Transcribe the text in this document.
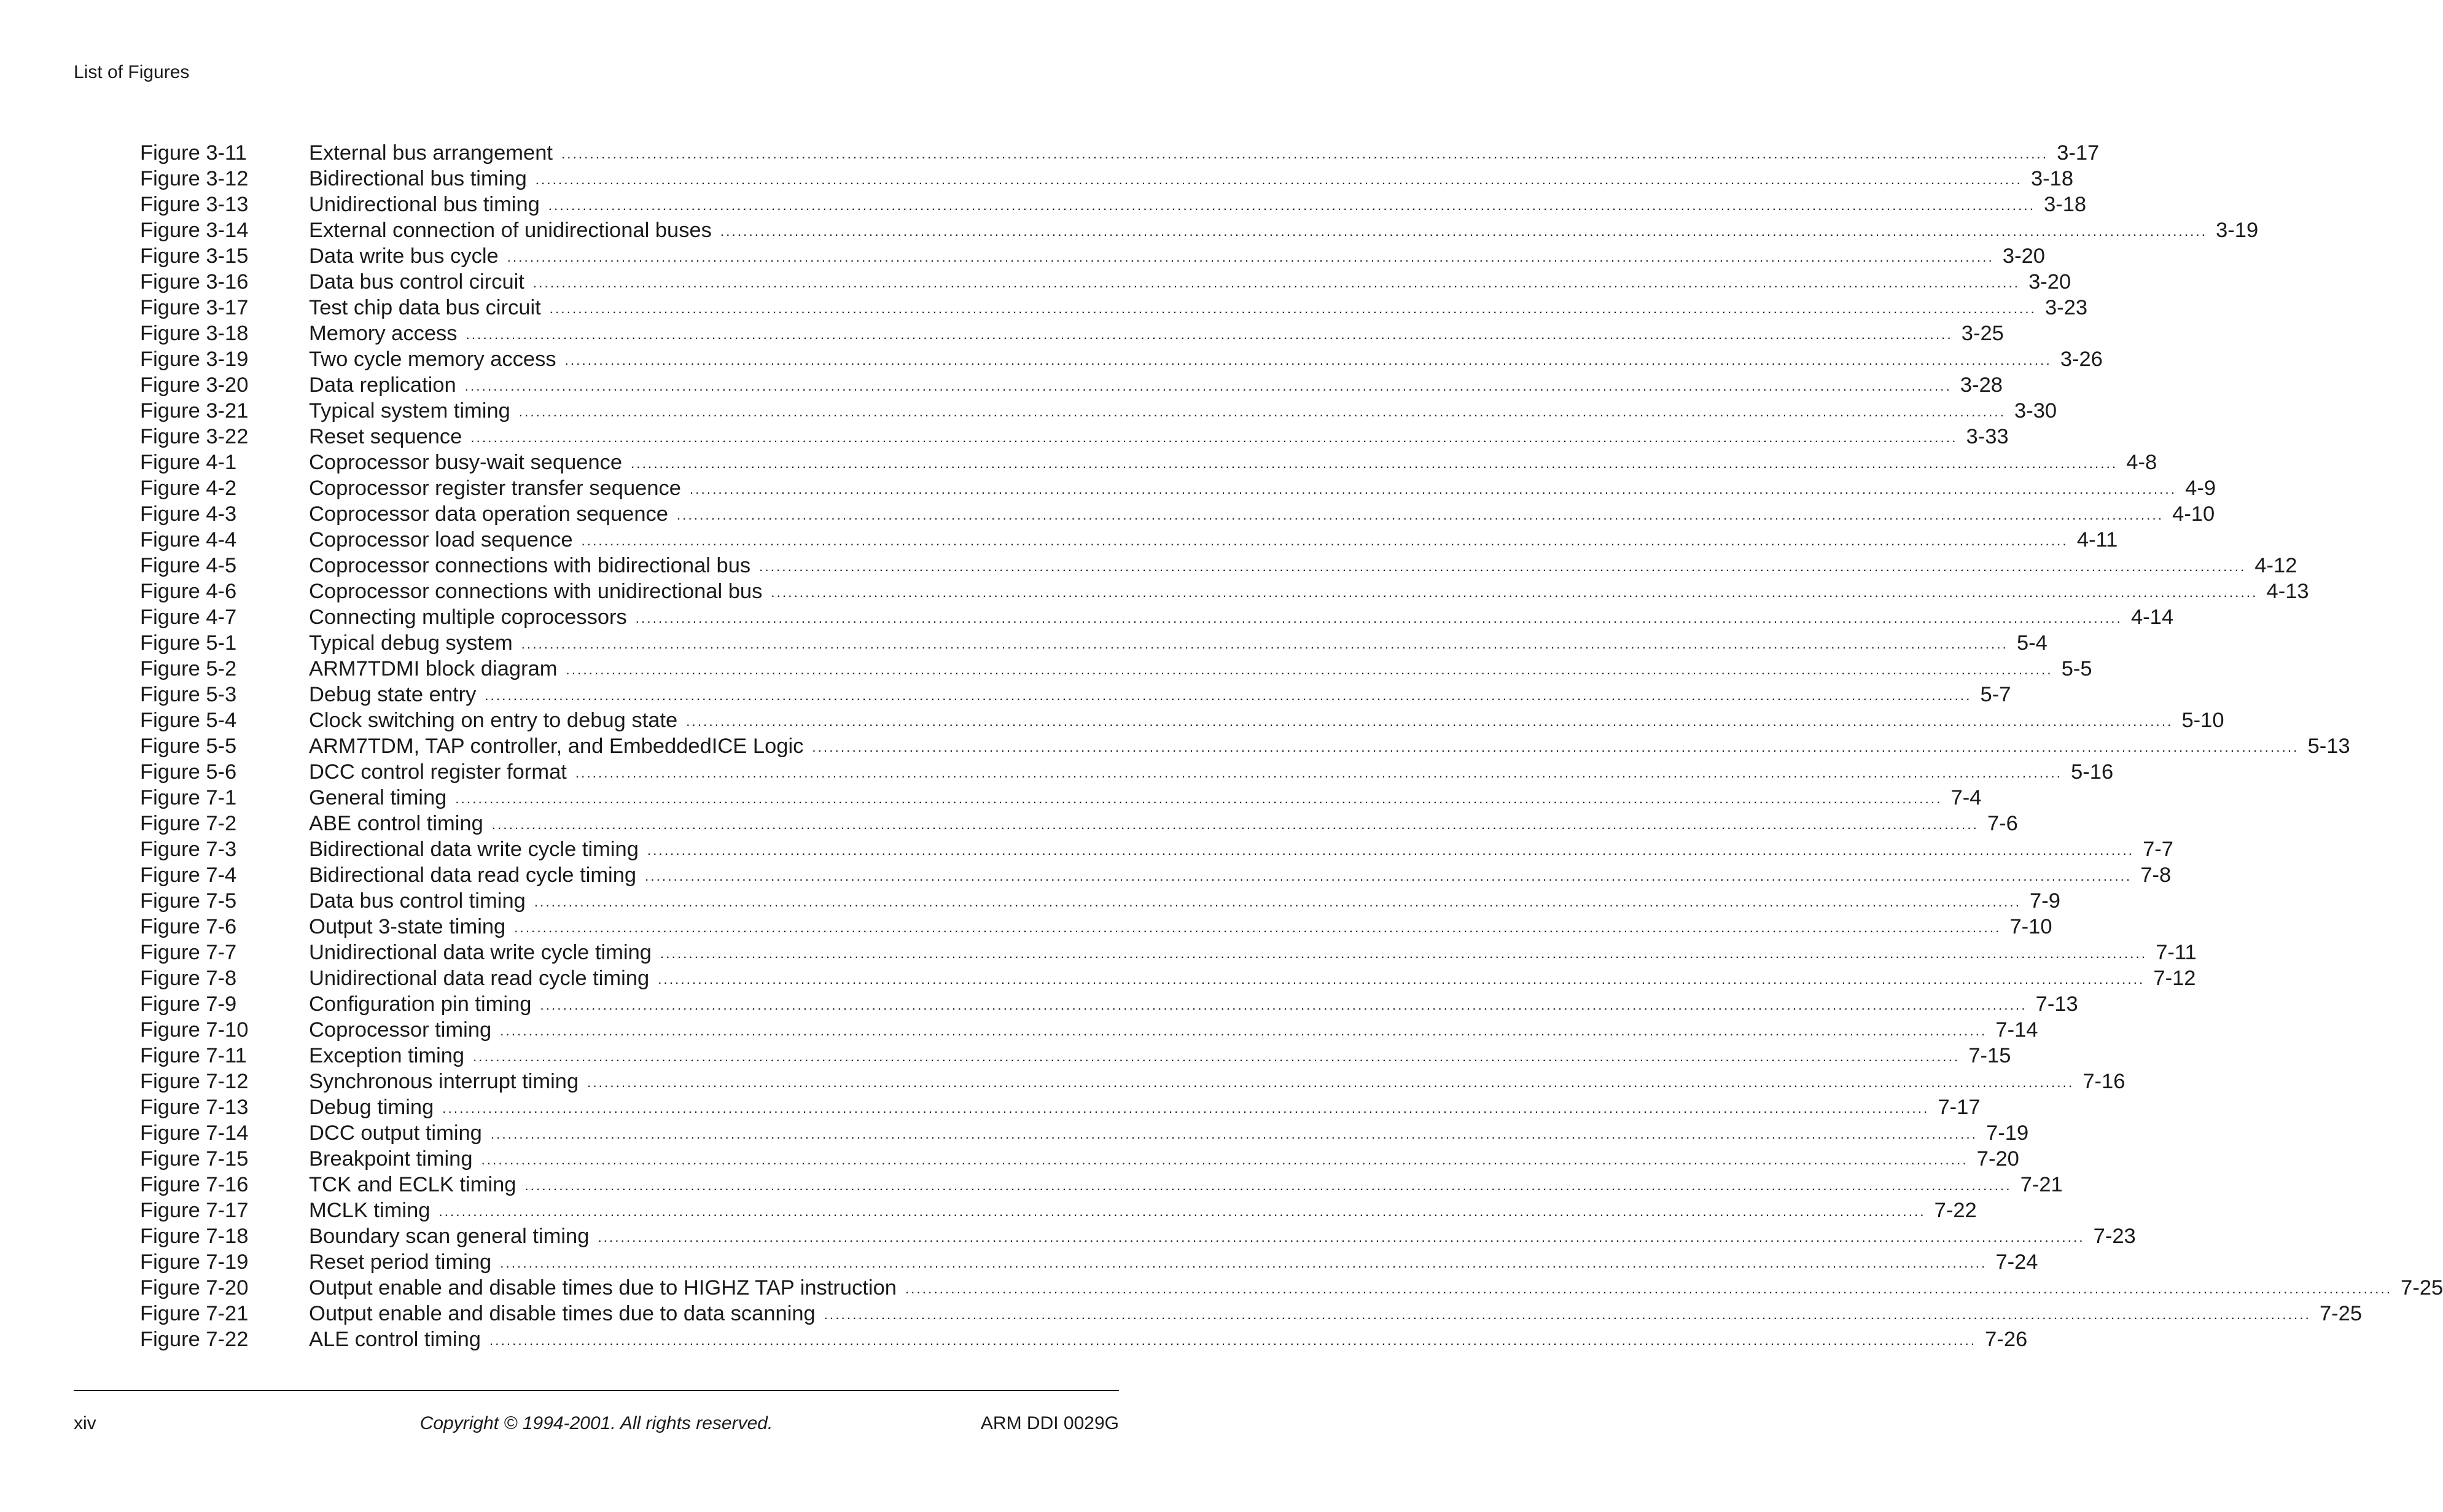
List of Figures
Figure 3-11	External bus arrangement .................................................................................................................................................................................................................................................................... 3-17
Figure 3-12	Bidirectional bus timing .................................................................................................................................................................................................................................................................... 3-18
Figure 3-13	Unidirectional bus timing .................................................................................................................................................................................................................................................................... 3-18
Figure 3-14	External connection of unidirectional buses .................................................................................................................................................................................................................................................................... 3-19
Figure 3-15	Data write bus cycle .................................................................................................................................................................................................................................................................... 3-20
Figure 3-16	Data bus control circuit .................................................................................................................................................................................................................................................................... 3-20
Figure 3-17	Test chip data bus circuit .................................................................................................................................................................................................................................................................... 3-23
Figure 3-18	Memory access .................................................................................................................................................................................................................................................................... 3-25
Figure 3-19	Two cycle memory access .................................................................................................................................................................................................................................................................... 3-26
Figure 3-20	Data replication .................................................................................................................................................................................................................................................................... 3-28
Figure 3-21	Typical system timing .................................................................................................................................................................................................................................................................... 3-30
Figure 3-22	Reset sequence .................................................................................................................................................................................................................................................................... 3-33
Figure 4-1	Coprocessor busy-wait sequence .................................................................................................................................................................................................................................................................... 4-8
Figure 4-2	Coprocessor register transfer sequence .................................................................................................................................................................................................................................................................... 4-9
Figure 4-3	Coprocessor data operation sequence .................................................................................................................................................................................................................................................................... 4-10
Figure 4-4	Coprocessor load sequence .................................................................................................................................................................................................................................................................... 4-11
Figure 4-5	Coprocessor connections with bidirectional bus .................................................................................................................................................................................................................................................................... 4-12
Figure 4-6	Coprocessor connections with unidirectional bus .................................................................................................................................................................................................................................................................... 4-13
Figure 4-7	Connecting multiple coprocessors .................................................................................................................................................................................................................................................................... 4-14
Figure 5-1	Typical debug system .................................................................................................................................................................................................................................................................... 5-4
Figure 5-2	ARM7TDMI block diagram .................................................................................................................................................................................................................................................................... 5-5
Figure 5-3	Debug state entry .................................................................................................................................................................................................................................................................... 5-7
Figure 5-4	Clock switching on entry to debug state .................................................................................................................................................................................................................................................................... 5-10
Figure 5-5	ARM7TDM, TAP controller, and EmbeddedICE Logic .................................................................................................................................................................................................................................................................... 5-13
Figure 5-6	DCC control register format .................................................................................................................................................................................................................................................................... 5-16
Figure 7-1	General timing .................................................................................................................................................................................................................................................................... 7-4
Figure 7-2	ABE control timing .................................................................................................................................................................................................................................................................... 7-6
Figure 7-3	Bidirectional data write cycle timing .................................................................................................................................................................................................................................................................... 7-7
Figure 7-4	Bidirectional data read cycle timing .................................................................................................................................................................................................................................................................... 7-8
Figure 7-5	Data bus control timing .................................................................................................................................................................................................................................................................... 7-9
Figure 7-6	Output 3-state timing .................................................................................................................................................................................................................................................................... 7-10
Figure 7-7	Unidirectional data write cycle timing .................................................................................................................................................................................................................................................................... 7-11
Figure 7-8	Unidirectional data read cycle timing .................................................................................................................................................................................................................................................................... 7-12
Figure 7-9	Configuration pin timing .................................................................................................................................................................................................................................................................... 7-13
Figure 7-10	Coprocessor timing .................................................................................................................................................................................................................................................................... 7-14
Figure 7-11	Exception timing .................................................................................................................................................................................................................................................................... 7-15
Figure 7-12	Synchronous interrupt timing .................................................................................................................................................................................................................................................................... 7-16
Figure 7-13	Debug timing .................................................................................................................................................................................................................................................................... 7-17
Figure 7-14	DCC output timing .................................................................................................................................................................................................................................................................... 7-19
Figure 7-15	Breakpoint timing .................................................................................................................................................................................................................................................................... 7-20
Figure 7-16	TCK and ECLK timing .................................................................................................................................................................................................................................................................... 7-21
Figure 7-17	MCLK timing .................................................................................................................................................................................................................................................................... 7-22
Figure 7-18	Boundary scan general timing .................................................................................................................................................................................................................................................................... 7-23
Figure 7-19	Reset period timing .................................................................................................................................................................................................................................................................... 7-24
Figure 7-20	Output enable and disable times due to HIGHZ TAP instruction .................................................................................................................................................................................................................................................................... 7-25
Figure 7-21	Output enable and disable times due to data scanning .................................................................................................................................................................................................................................................................... 7-25
Figure 7-22	ALE control timing .................................................................................................................................................................................................................................................................... 7-26
xiv	Copyright © 1994-2001. All rights reserved.	ARM DDI 0029G
